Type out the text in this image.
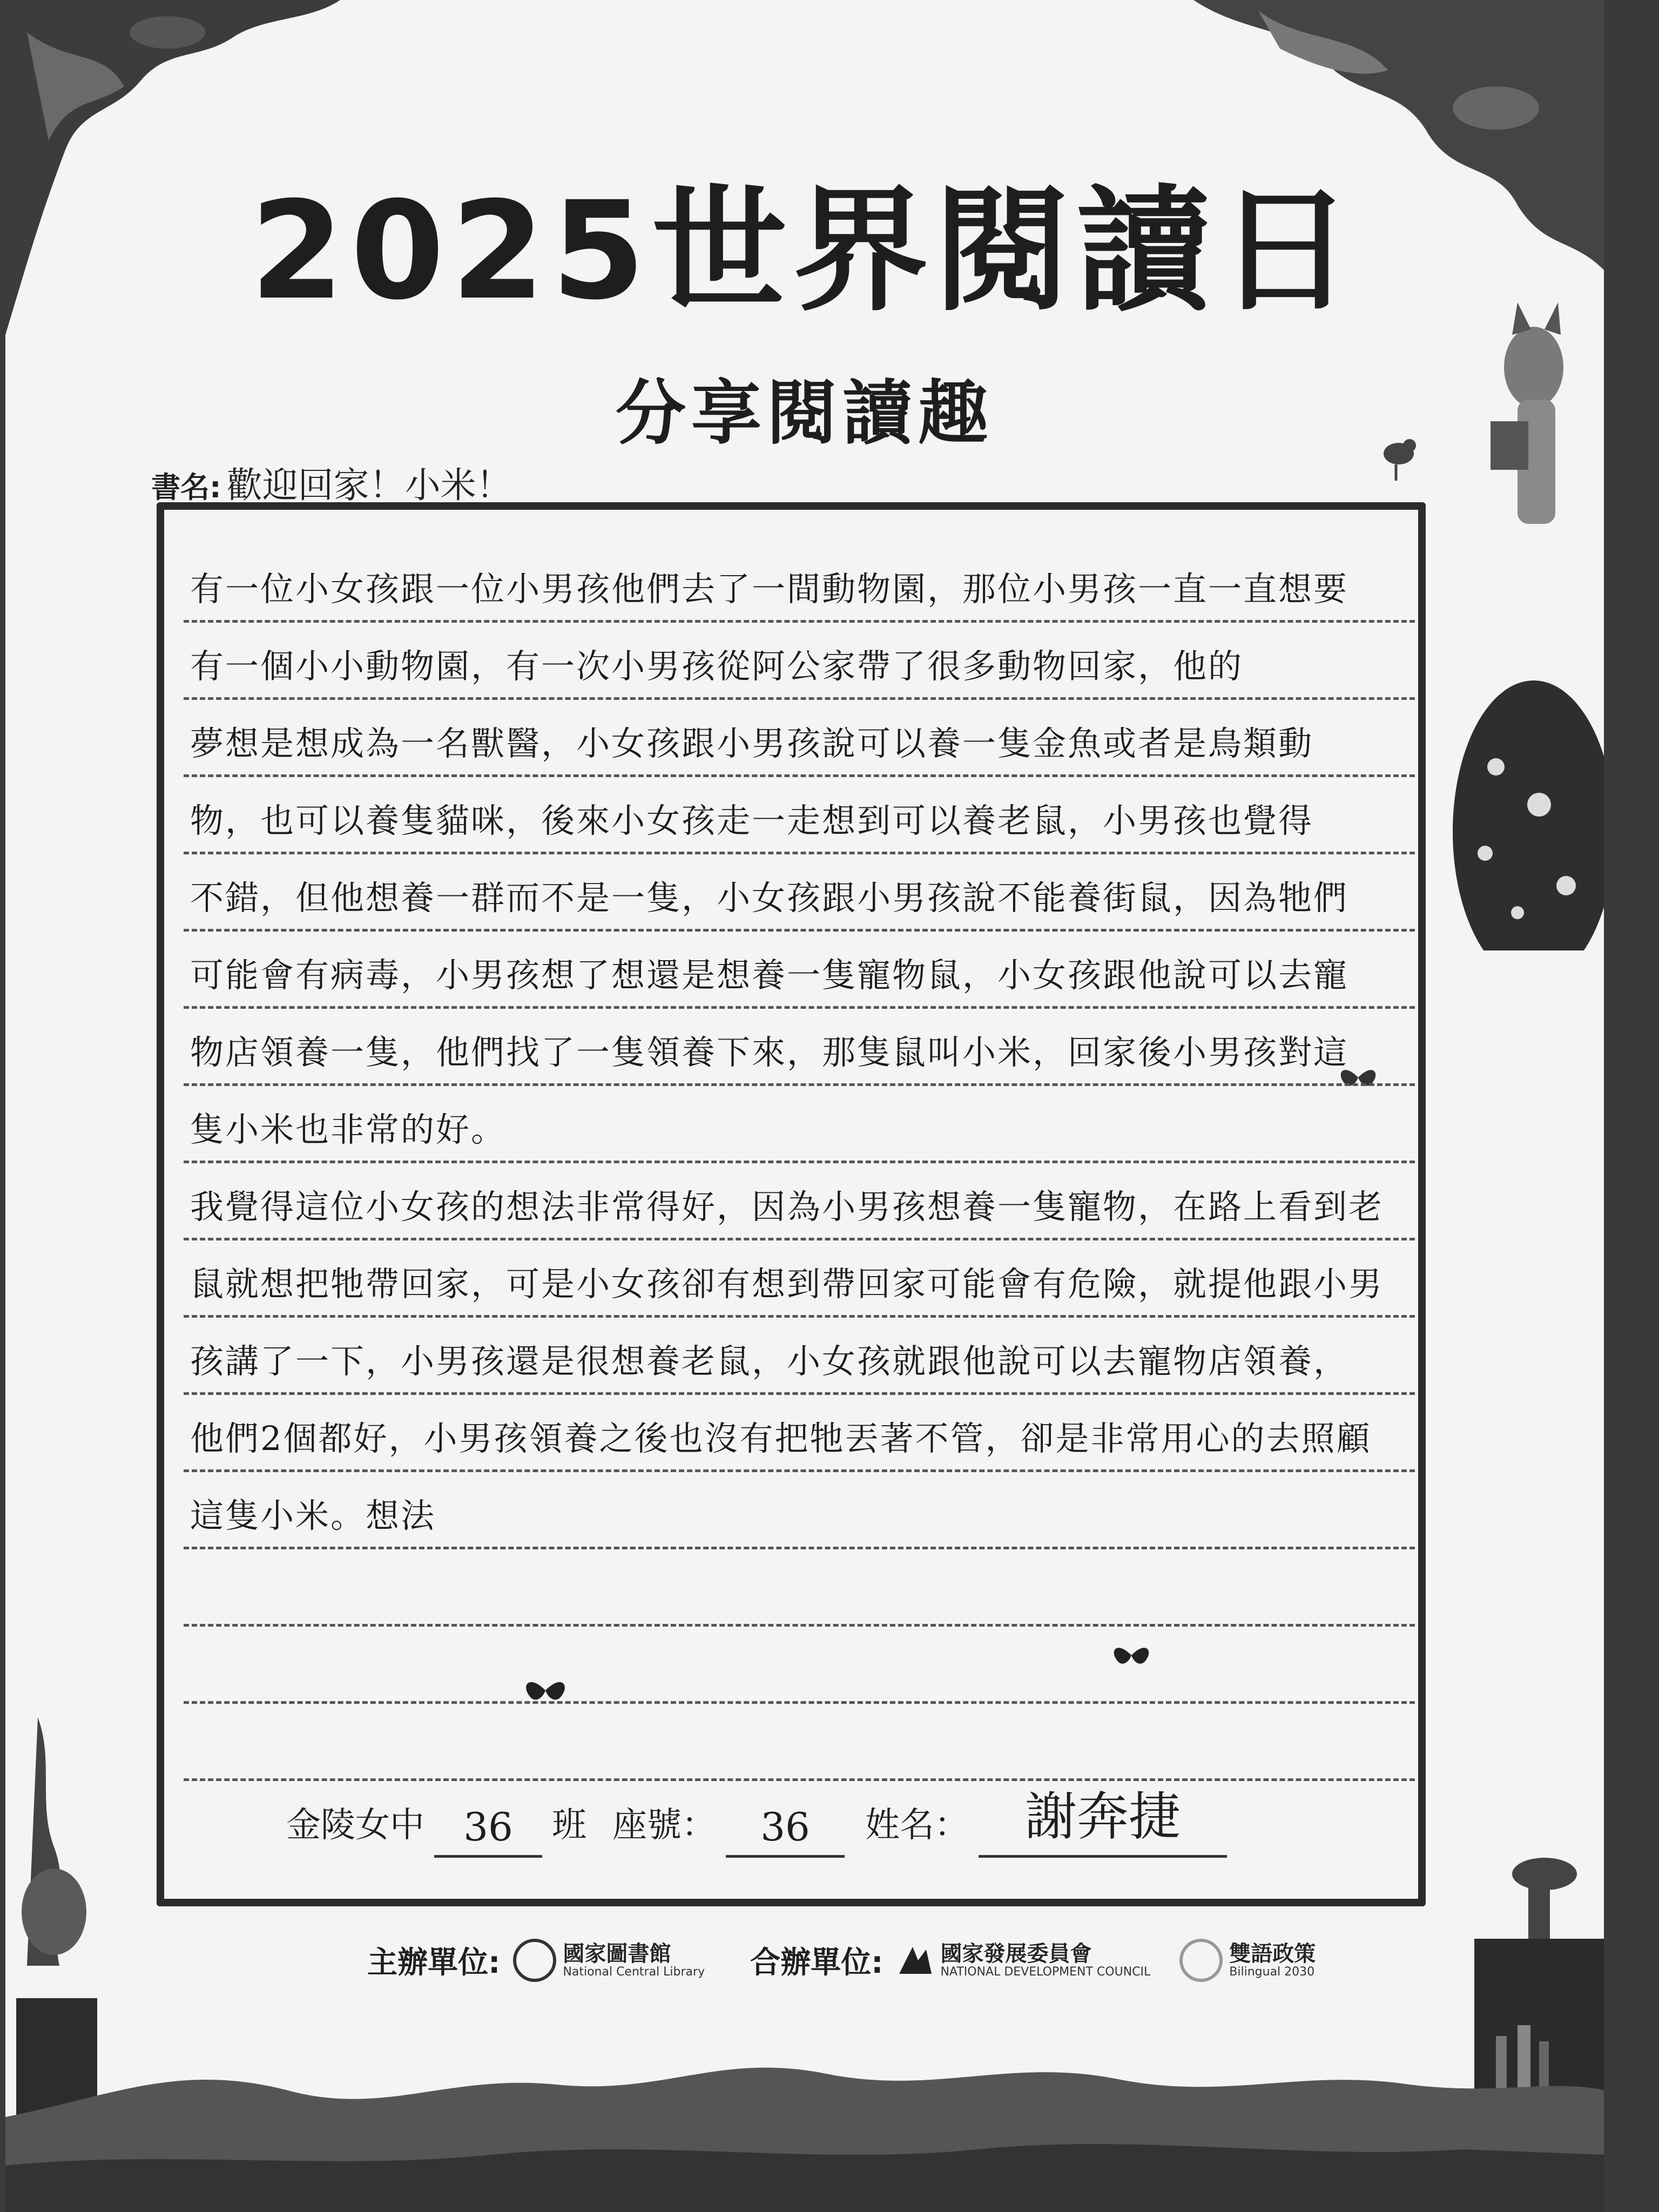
2025世界閱讀日
分享閱讀趣
書名: 歡迎回家！小米！
有一位小女孩跟一位小男孩他們去了一間動物園，那位小男孩一直一直想要
有一個小小動物園，有一次小男孩從阿公家帶了很多動物回家，他的
夢想是想成為一名獸醫，小女孩跟小男孩說可以養一隻金魚或者是鳥類動
物，也可以養隻貓咪，後來小女孩走一走想到可以養老鼠，小男孩也覺得
不錯，但他想養一群而不是一隻，小女孩跟小男孩說不能養街鼠，因為牠們
可能會有病毒，小男孩想了想還是想養一隻寵物鼠，小女孩跟他說可以去寵
物店領養一隻，他們找了一隻領養下來，那隻鼠叫小米，回家後小男孩對這
隻小米也非常的好。
我覺得這位小女孩的想法非常得好，因為小男孩想養一隻寵物，在路上看到老
鼠就想把牠帶回家，可是小女孩卻有想到帶回家可能會有危險，就提他跟小男
孩講了一下，小男孩還是很想養老鼠，小女孩就跟他說可以去寵物店領養，
他們2個都好，小男孩領養之後也沒有把牠丟著不管，卻是非常用心的去照顧
這隻小米。想法
金陵女中	36	班 座號：	36	姓名：	謝奔捷
主辦單位:	國家圖書館
National Central Library 合辦單位:	國家發展委員會
NATIONAL DEVELOPMENT COUNCIL
雙語政策
Bilingual 2030
